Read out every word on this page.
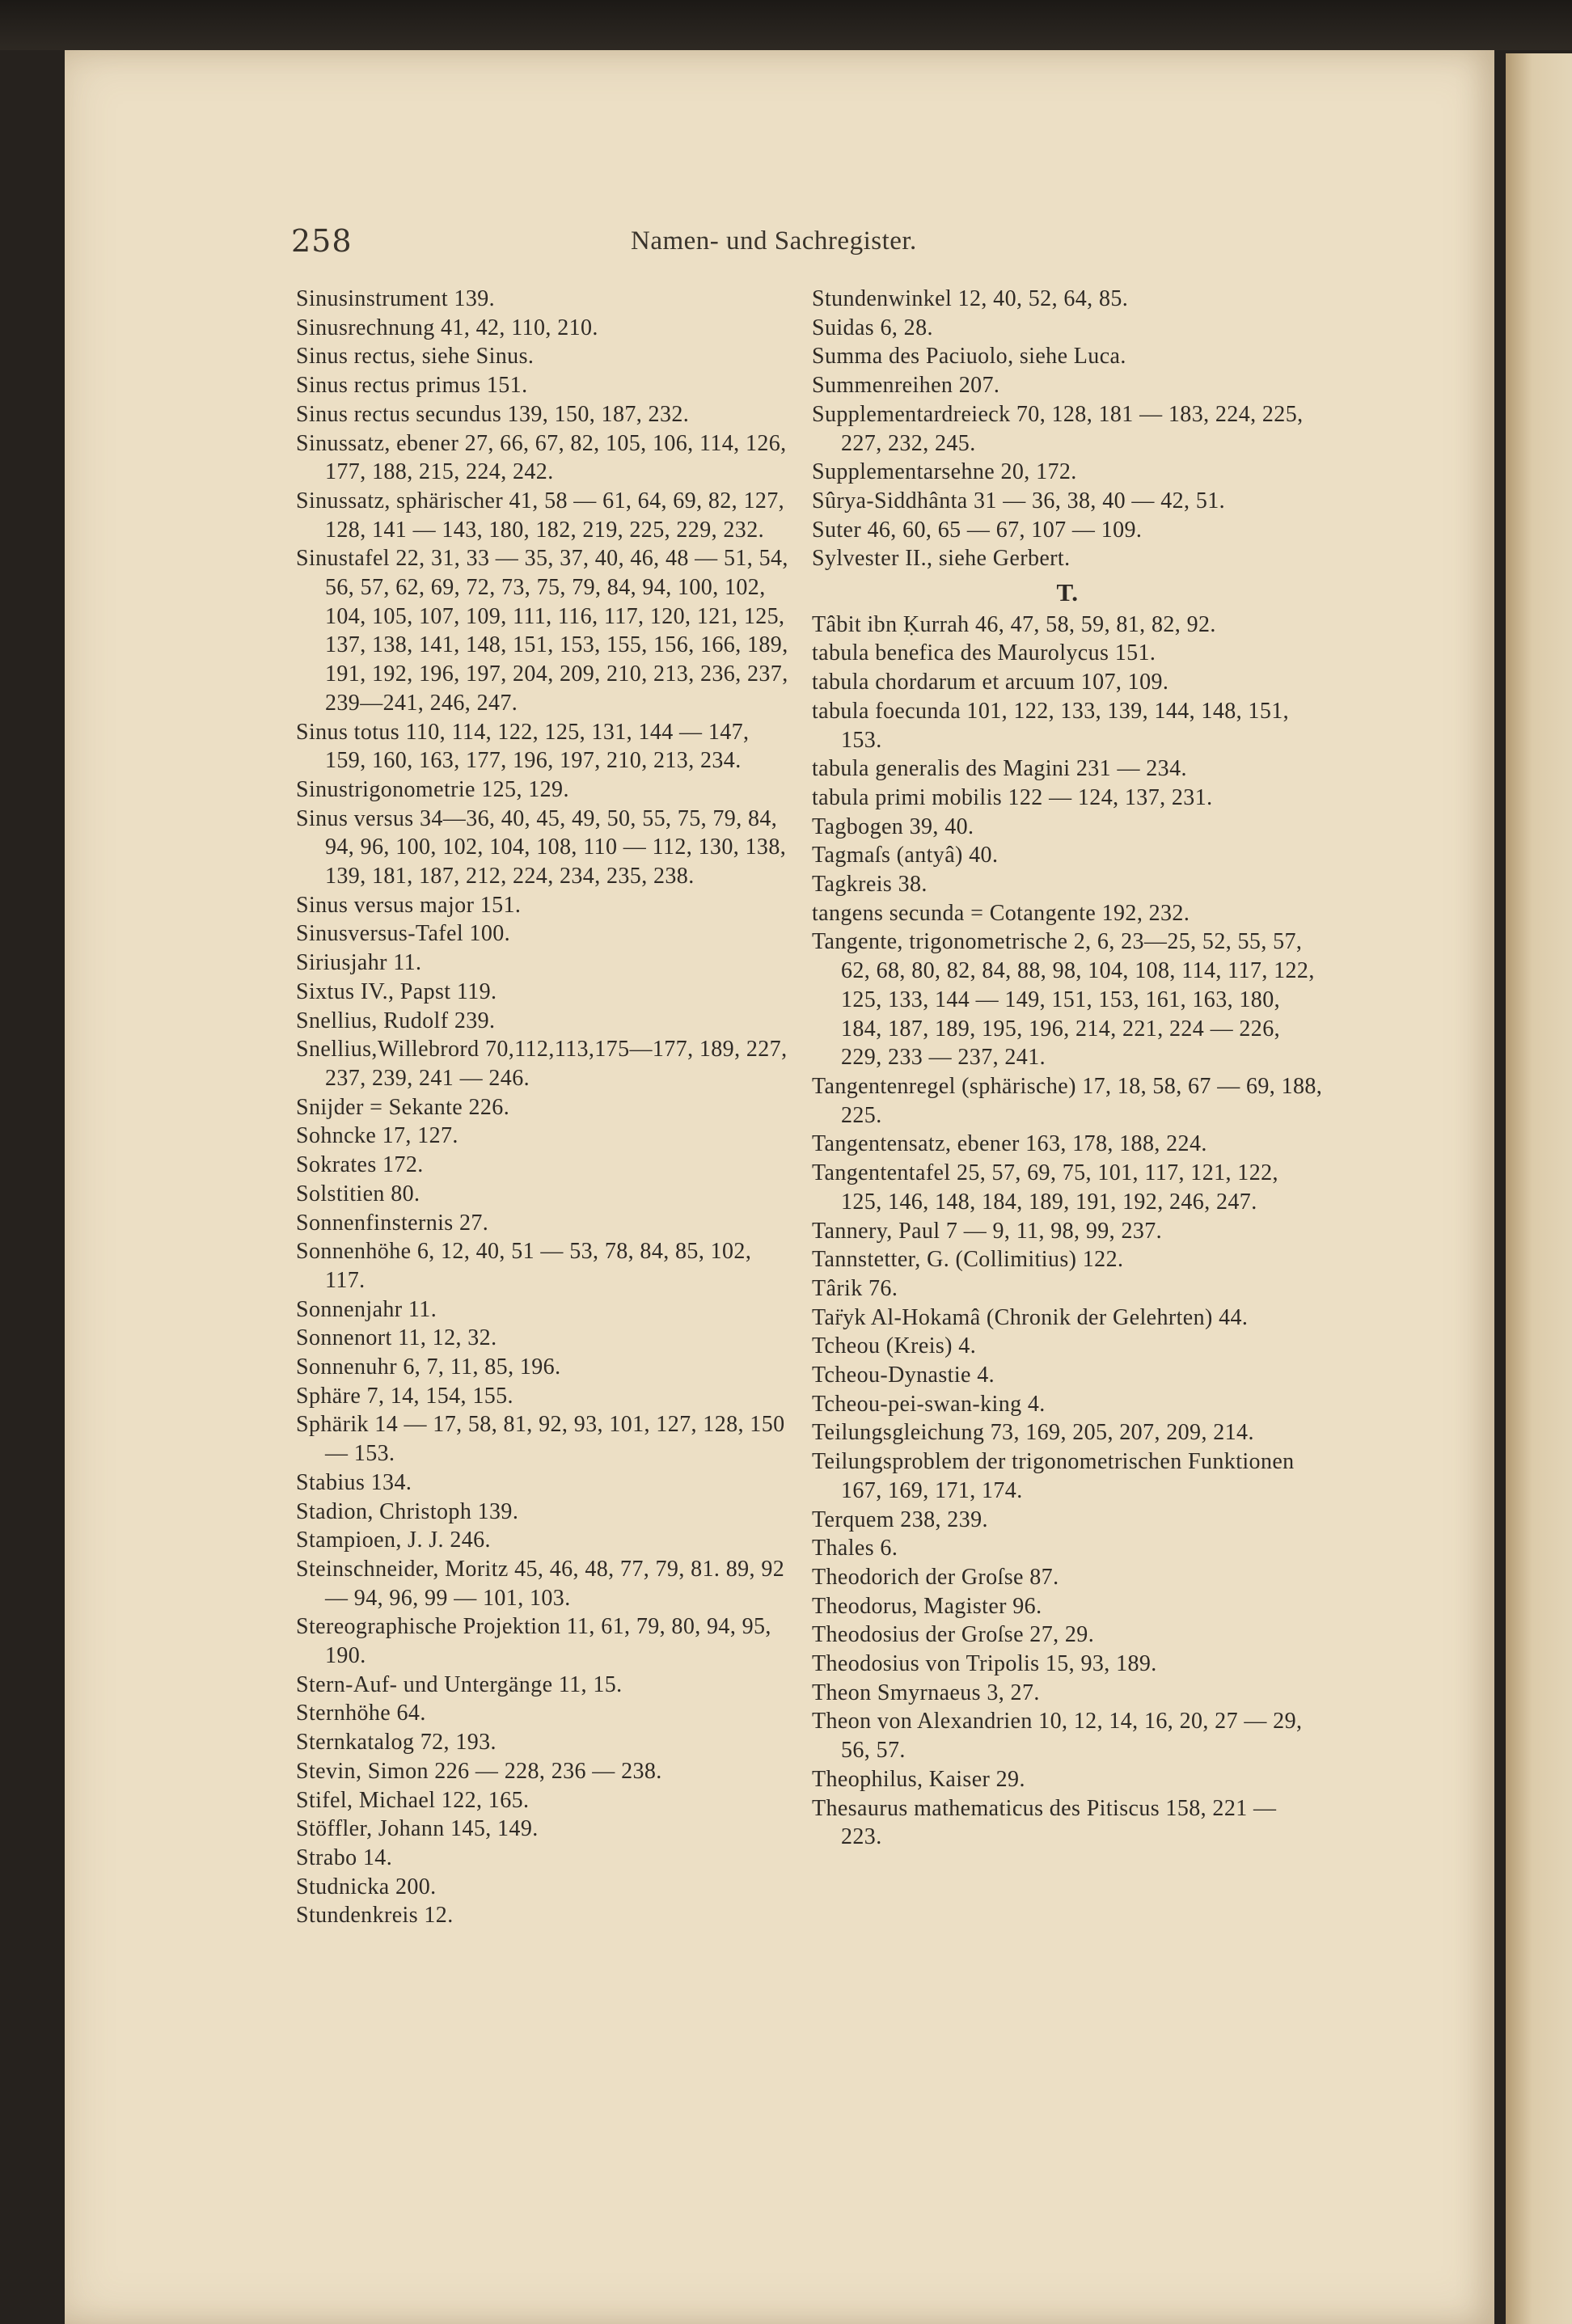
258	Namen- und Sachregister.
Sinusinstrument 139.
Sinusrechnung 41, 42, 110, 210.
Sinus rectus, siehe Sinus.
Sinus rectus primus 151.
Sinus rectus secundus 139, 150, 187, 232.
Sinussatz, ebener 27, 66, 67, 82, 105, 106, 114, 126, 177, 188, 215, 224, 242.
Sinussatz, sphärischer 41, 58 — 61, 64, 69, 82, 127, 128, 141 — 143, 180, 182, 219, 225, 229, 232.
Sinustafel 22, 31, 33 — 35, 37, 40, 46, 48 — 51, 54, 56, 57, 62, 69, 72, 73, 75, 79, 84, 94, 100, 102, 104, 105, 107, 109, 111, 116, 117, 120, 121, 125, 137, 138, 141, 148, 151, 153, 155, 156, 166, 189, 191, 192, 196, 197, 204, 209, 210, 213, 236, 237, 239—241, 246, 247.
Sinus totus 110, 114, 122, 125, 131, 144 — 147, 159, 160, 163, 177, 196, 197, 210, 213, 234.
Sinustrigonometrie 125, 129.
Sinus versus 34—36, 40, 45, 49, 50, 55, 75, 79, 84, 94, 96, 100, 102, 104, 108, 110 — 112, 130, 138, 139, 181, 187, 212, 224, 234, 235, 238.
Sinus versus major 151.
Sinusversus-Tafel 100.
Siriusjahr 11.
Sixtus IV., Papst 119.
Snellius, Rudolf 239.
Snellius,Willebrord 70,112,113,175—177, 189, 227, 237, 239, 241 — 246.
Snijder = Sekante 226.
Sohncke 17, 127.
Sokrates 172.
Solstitien 80.
Sonnenfinsternis 27.
Sonnenhöhe 6, 12, 40, 51 — 53, 78, 84, 85, 102, 117.
Sonnenjahr 11.
Sonnenort 11, 12, 32.
Sonnenuhr 6, 7, 11, 85, 196.
Sphäre 7, 14, 154, 155.
Sphärik 14 — 17, 58, 81, 92, 93, 101, 127, 128, 150 — 153.
Stabius 134.
Stadion, Christoph 139.
Stampioen, J. J. 246.
Steinschneider, Moritz 45, 46, 48, 77, 79, 81. 89, 92 — 94, 96, 99 — 101, 103.
Stereographische Projektion 11, 61, 79, 80, 94, 95, 190.
Stern-Auf- und Untergänge 11, 15.
Sternhöhe 64.
Sternkatalog 72, 193.
Stevin, Simon 226 — 228, 236 — 238.
Stifel, Michael 122, 165.
Stöffler, Johann 145, 149.
Strabo 14.
Studnicka 200.
Stundenkreis 12.
Stundenwinkel 12, 40, 52, 64, 85.
Suidas 6, 28.
Summa des Paciuolo, siehe Luca.
Summenreihen 207.
Supplementardreieck 70, 128, 181 — 183, 224, 225, 227, 232, 245.
Supplementarsehne 20, 172.
Sûrya-Siddhânta 31 — 36, 38, 40 — 42, 51.
Suter 46, 60, 65 — 67, 107 — 109.
Sylvester II., siehe Gerbert.
T.
Tâbit ibn Ḳurrah 46, 47, 58, 59, 81, 82, 92.
tabula benefica des Maurolycus 151.
tabula chordarum et arcuum 107, 109.
tabula foecunda 101, 122, 133, 139, 144, 148, 151, 153.
tabula generalis des Magini 231 — 234.
tabula primi mobilis 122 — 124, 137, 231.
Tagbogen 39, 40.
Tagmaſs (antyâ) 40.
Tagkreis 38.
tangens secunda = Cotangente 192, 232.
Tangente, trigonometrische 2, 6, 23—25, 52, 55, 57, 62, 68, 80, 82, 84, 88, 98, 104, 108, 114, 117, 122, 125, 133, 144 — 149, 151, 153, 161, 163, 180, 184, 187, 189, 195, 196, 214, 221, 224 — 226, 229, 233 — 237, 241.
Tangentenregel (sphärische) 17, 18, 58, 67 — 69, 188, 225.
Tangentensatz, ebener 163, 178, 188, 224.
Tangententafel 25, 57, 69, 75, 101, 117, 121, 122, 125, 146, 148, 184, 189, 191, 192, 246, 247.
Tannery, Paul 7 — 9, 11, 98, 99, 237.
Tannstetter, G. (Collimitius) 122.
Târik 76.
Tar̈yk Al-Hokamâ (Chronik der Gelehrten) 44.
Tcheou (Kreis) 4.
Tcheou-Dynastie 4.
Tcheou-pei-swan-king 4.
Teilungsgleichung 73, 169, 205, 207, 209, 214.
Teilungsproblem der trigonometrischen Funktionen 167, 169, 171, 174.
Terquem 238, 239.
Thales 6.
Theodorich der Groſse 87.
Theodorus, Magister 96.
Theodosius der Groſse 27, 29.
Theodosius von Tripolis 15, 93, 189.
Theon Smyrnaeus 3, 27.
Theon von Alexandrien 10, 12, 14, 16, 20, 27 — 29, 56, 57.
Theophilus, Kaiser 29.
Thesaurus mathematicus des Pitiscus 158, 221 — 223.
